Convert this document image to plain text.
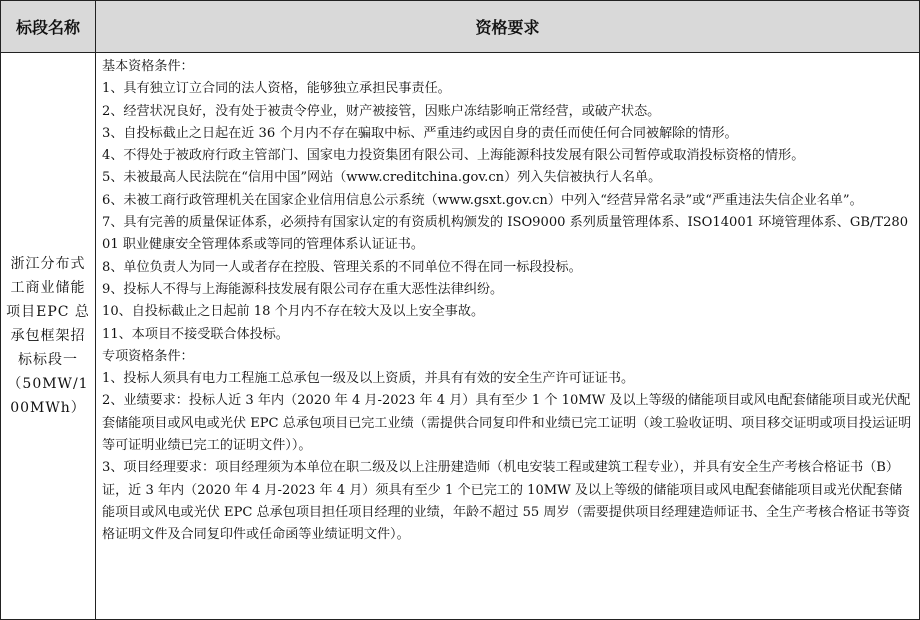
标段名称	资格要求
浙江分布式工商业储能项目EPC 总承包框架招标标段一（50MW/100MWh）

基本资格条件：

1、具有独立订立合同的法人资格，能够独立承担民事责任。

2、经营状况良好，没有处于被责令停业，财产被接管，因账户冻结影响正常经营，或破产状态。

3、自投标截止之日起在近 36 个月内不存在骗取中标、严重违约或因自身的责任而使任何合同被解除的情形。

4、不得处于被政府行政主管部门、国家电力投资集团有限公司、上海能源科技发展有限公司暂停或取消投标资格的情形。

5、未被最高人民法院在“信用中国”网站（www.creditchina.gov.cn）列入失信被执行人名单。

6、未被工商行政管理机关在国家企业信用信息公示系统（www.gsxt.gov.cn）中列入“经营异常名录”或“严重违法失信企业名单”。

7、具有完善的质量保证体系，必须持有国家认定的有资质机构颁发的 ISO9000 系列质量管理体系、ISO14001 环境管理体系、GB/T28001 职业健康安全管理体系或等同的管理体系认证证书。

8、单位负责人为同一人或者存在控股、管理关系的不同单位不得在同一标段投标。

9、投标人不得与上海能源科技发展有限公司存在重大恶性法律纠纷。

10、自投标截止之日起前 18 个月内不存在较大及以上安全事故。

11、本项目不接受联合体投标。

专项资格条件：

1、投标人须具有电力工程施工总承包一级及以上资质，并具有有效的安全生产许可证证书。

2、业绩要求：投标人近 3 年内（2020 年 4 月-2023 年 4 月）具有至少 1 个 10MW 及以上等级的储能项目或风电配套储能项目或光伏配套储能项目或风电或光伏 EPC 总承包项目已完工业绩（需提供合同复印件和业绩已完工证明（竣工验收证明、项目移交证明或项目投运证明等可证明业绩已完工的证明文件））。

3、项目经理要求：项目经理须为本单位在职二级及以上注册建造师（机电安装工程或建筑工程专业），并具有安全生产考核合格证书（B）证，近 3 年内（2020 年 4 月-2023 年 4 月）须具有至少 1 个已完工的 10MW 及以上等级的储能项目或风电配套储能项目或光伏配套储能项目或风电或光伏 EPC 总承包项目担任项目经理的业绩，年龄不超过 55 周岁（需要提供项目经理建造师证书、全生产考核合格证书等资格证明文件及合同复印件或任命函等业绩证明文件）。
